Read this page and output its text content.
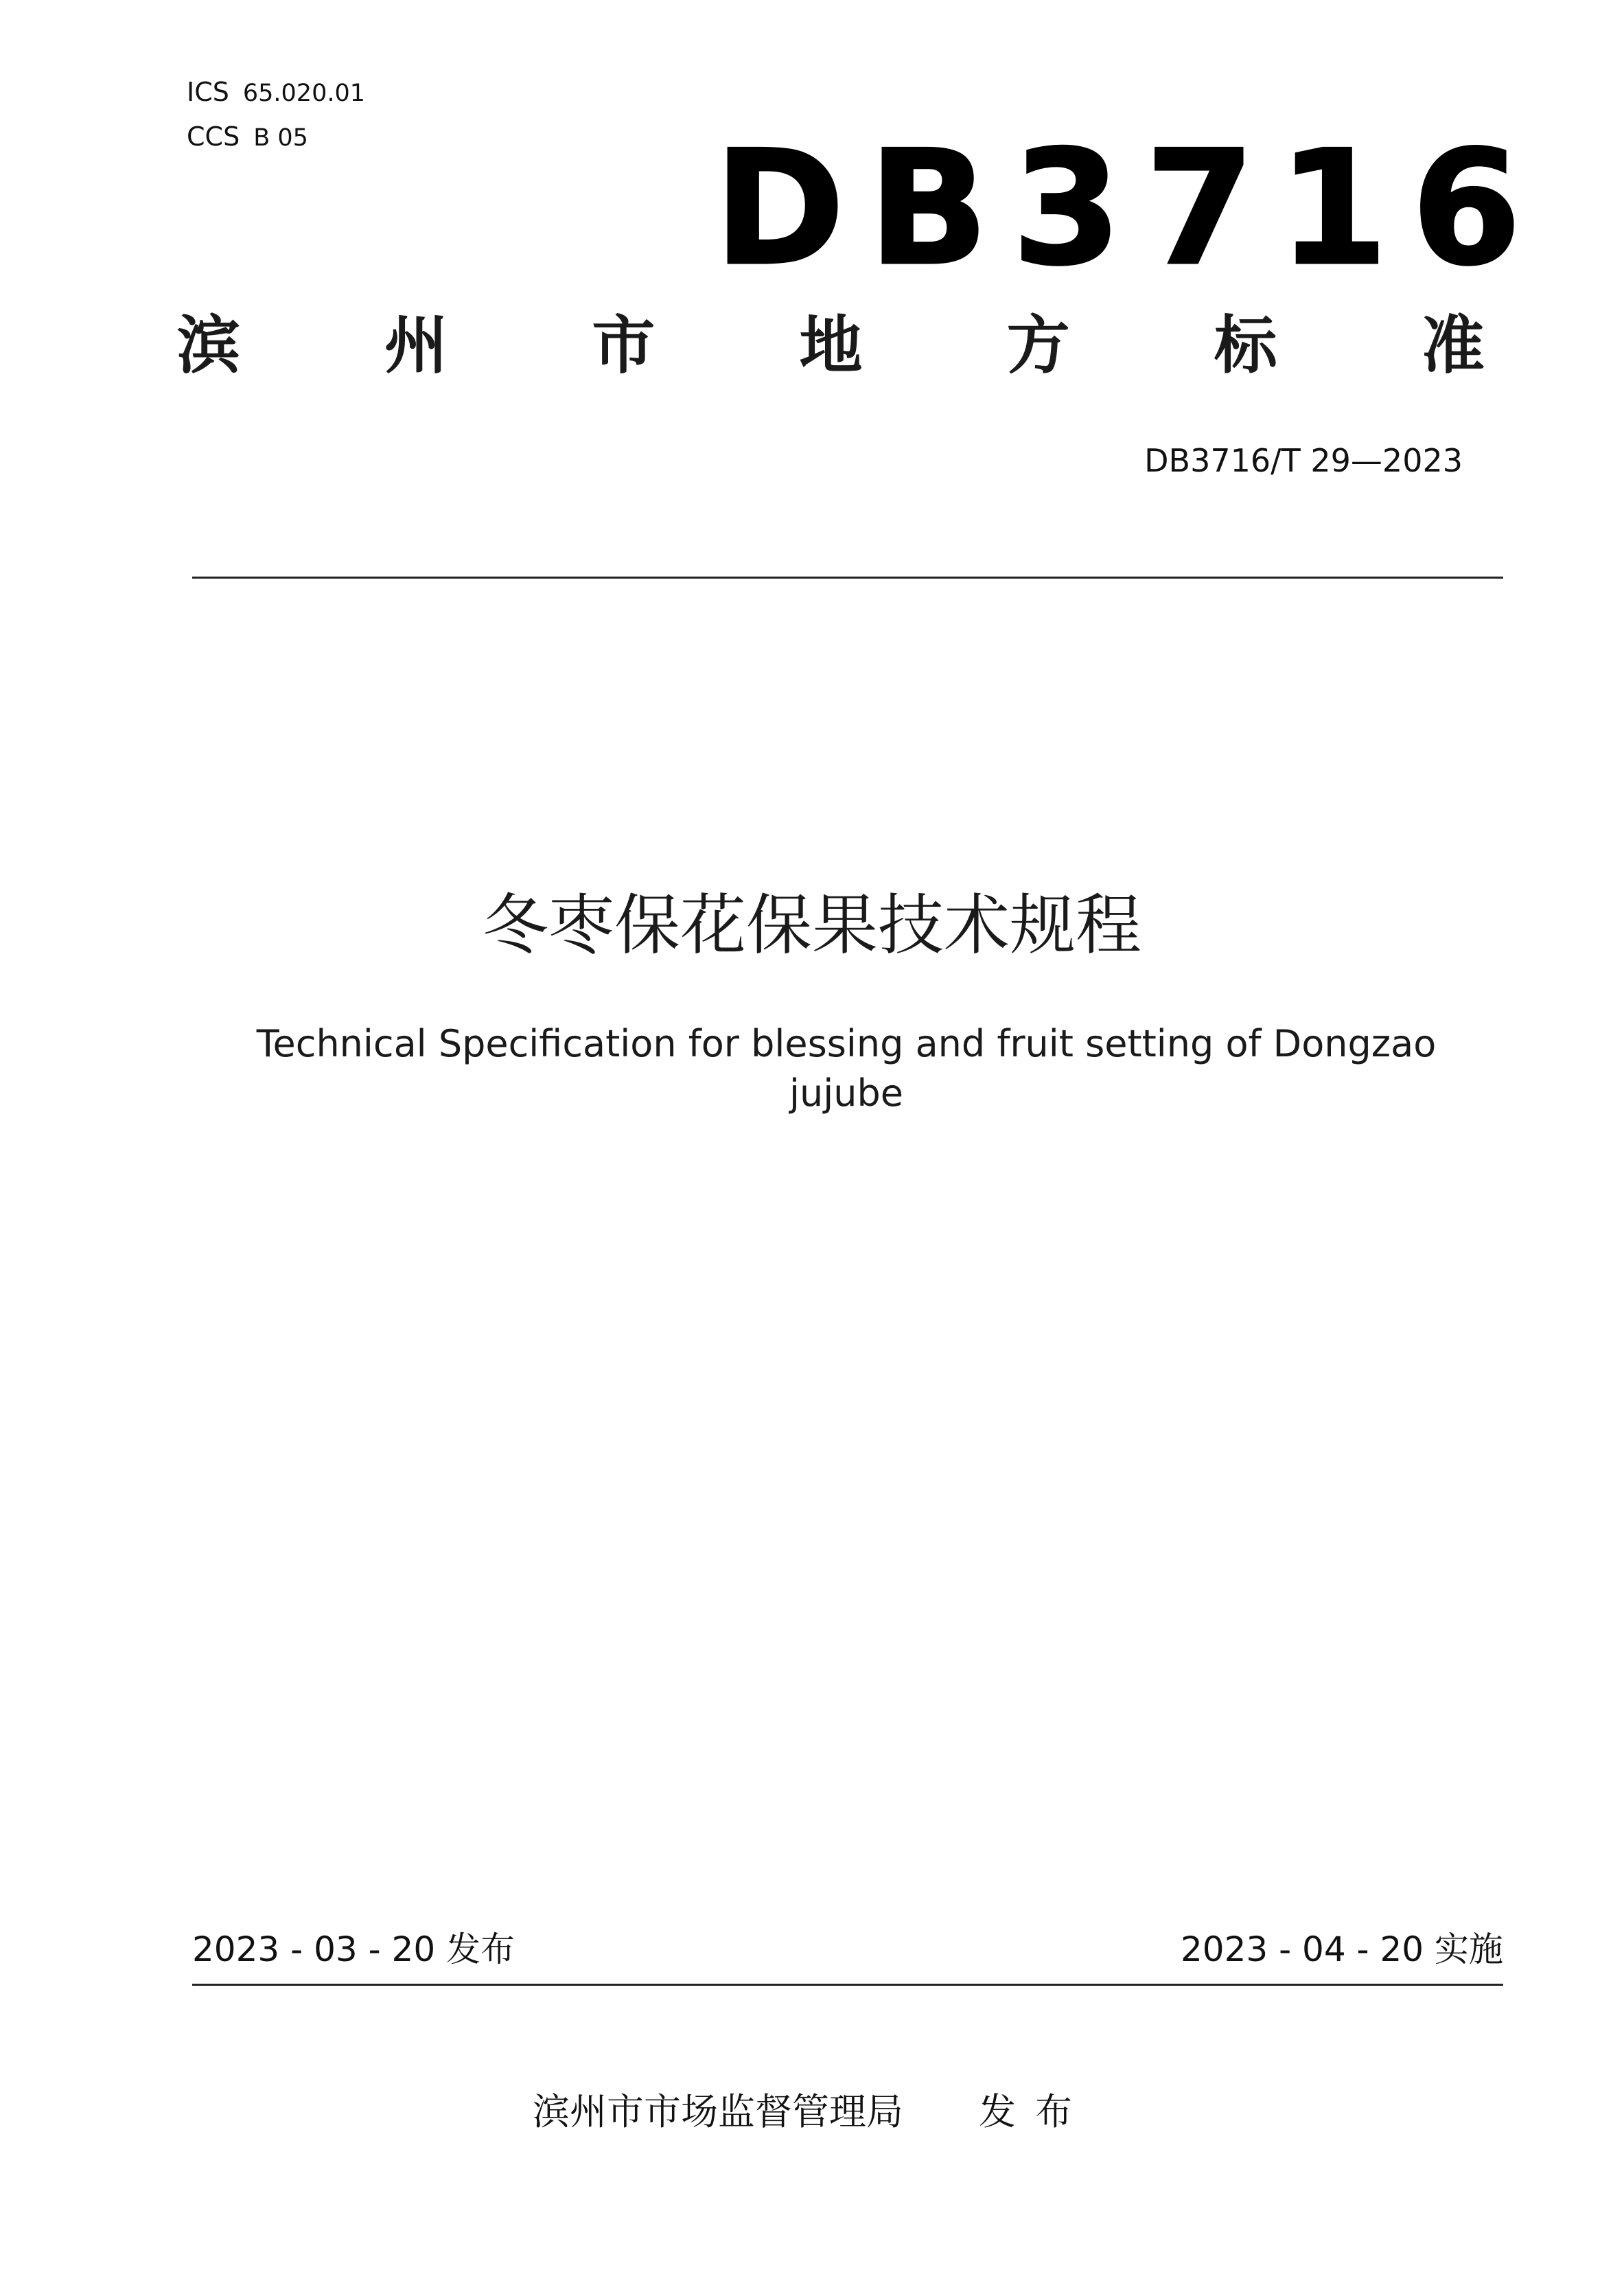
ICS 65.020.01
CCS B 05	DB3716
滨 州 市 地 方 标 准
DB3716/T 29—2023
冬枣保花保果技术规程
Technical Specification for blessing and fruit setting of Dongzao jujube
2023 - 03 - 20 发布	2023 - 04 - 20 实施
滨州市市场监督管理局 发布
